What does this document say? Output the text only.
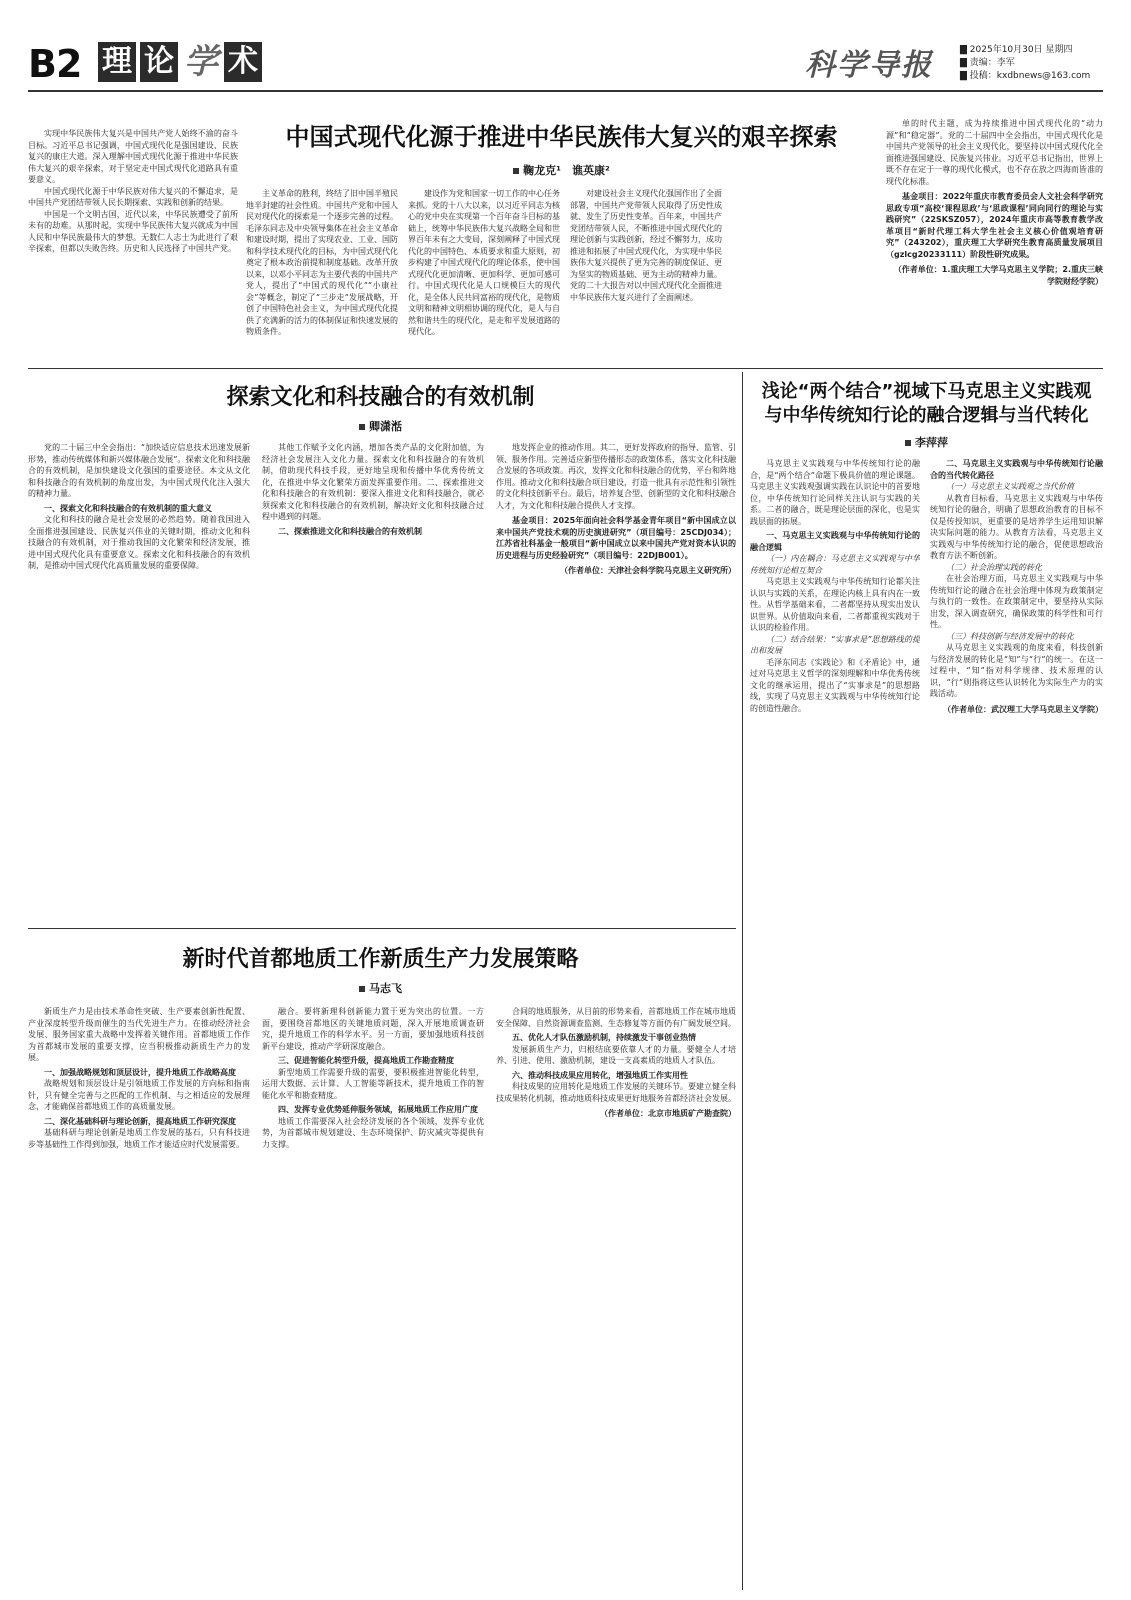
B2 理 论 学 术	科学导报	▇ 2025年10月30日 星期四
▇ 责编：李军
▇ 投稿：kxdbnews@163.com

实现中华民族伟大复兴是中国共产党人始终不渝的奋斗目标。习近平总书记强调，中国式现代化是强国建设、民族复兴的康庄大道。深入理解中国式现代化源于推进中华民族伟大复兴的艰辛探索，对于坚定走中国式现代化道路具有重要意义。

中国式现代化源于中华民族对伟大复兴的不懈追求，是中国共产党团结带领人民长期探索、实践和创新的结果。

中国是一个文明古国，近代以来，中华民族遭受了前所未有的劫难。从那时起，实现中华民族伟大复兴就成为中国人民和中华民族最伟大的梦想。无数仁人志士为此进行了艰辛探索，但都以失败告终。历史和人民选择了中国共产党。

中国式现代化源于推进中华民族伟大复兴的艰辛探索
鞠龙克¹　谯英康²

主义革命的胜利，终结了旧中国半殖民地半封建的社会性质。中国共产党和中国人民对现代化的探索是一个逐步完善的过程。毛泽东同志及中央领导集体在社会主义革命和建设时期，提出了实现农业、工业、国防和科学技术现代化的目标，为中国式现代化奠定了根本政治前提和制度基础。改革开放以来，以邓小平同志为主要代表的中国共产党人，提出了“中国式的现代化”“小康社会”等概念，制定了“三步走”发展战略，开创了中国特色社会主义，为中国式现代化提供了充满新的活力的体制保证和快速发展的物质条件。

建设作为党和国家一切工作的中心任务来抓。党的十八大以来，以习近平同志为核心的党中央在实现第一个百年奋斗目标的基础上，统筹中华民族伟大复兴战略全局和世界百年未有之大变局，深刻阐释了中国式现代化的中国特色、本质要求和重大原则，初步构建了中国式现代化的理论体系，使中国式现代化更加清晰、更加科学、更加可感可行。中国式现代化是人口规模巨大的现代化，是全体人民共同富裕的现代化，是物质文明和精神文明相协调的现代化，是人与自然和谐共生的现代化，是走和平发展道路的现代化。

对建设社会主义现代化强国作出了全面部署，中国共产党带领人民取得了历史性成就、发生了历史性变革。百年来，中国共产党团结带领人民，不断推进中国式现代化的理论创新与实践创新，经过不懈努力，成功推进和拓展了中国式现代化，为实现中华民族伟大复兴提供了更为完善的制度保证、更为坚实的物质基础、更为主动的精神力量。党的二十大报告对以中国式现代化全面推进中华民族伟大复兴进行了全面阐述。

单的时代主题，成为持续推进中国式现代化的“动力源”和“稳定器”。党的二十届四中全会指出，中国式现代化是中国共产党领导的社会主义现代化，要坚持以中国式现代化全面推进强国建设、民族复兴伟业。习近平总书记指出，世界上既不存在定于一尊的现代化模式，也不存在放之四海而皆准的现代化标准。

基金项目：2022年重庆市教育委员会人文社会科学研究思政专项“高校‘课程思政’与‘思政课程’同向同行的理论与实践研究”（22SKSZ057），2024年重庆市高等教育教学改革项目“新时代理工科大学生社会主义核心价值观培育研究”（243202），重庆理工大学研究生教育高质量发展项目（gzlcg20233111）阶段性研究成果。

（作者单位：1.重庆理工大学马克思主义学院；2.重庆三峡学院财经学院）

探索文化和科技融合的有效机制
卿潇湉

党的二十届三中全会指出：“加快适应信息技术迅速发展新形势，推动传统媒体和新兴媒体融合发展”。探索文化和科技融合的有效机制，是加快建设文化强国的重要途径。本文从文化和科技融合的有效机制的角度出发，为中国式现代化注入强大的精神力量。

一、探索文化和科技融合的有效机制的重大意义

文化和科技的融合是社会发展的必然趋势。随着我国进入全面推进强国建设、民族复兴伟业的关键时期，推动文化和科技融合的有效机制，对于推动我国的文化繁荣和经济发展，推进中国式现代化具有重要意义。探索文化和科技融合的有效机制，是推动中国式现代化高质量发展的重要保障。

其他工作赋予文化内涵，增加各类产品的文化附加值，为经济社会发展注入文化力量。探索文化和科技融合的有效机制，借助现代科技手段，更好地呈现和传播中华优秀传统文化，在推进中华文化繁荣方面发挥重要作用。二、探索推进文化和科技融合的有效机制：要深入推进文化和科技融合，就必须探索文化和科技融合的有效机制，解决好文化和科技融合过程中遇到的问题。

二、探索推进文化和科技融合的有效机制

地发挥企业的推动作用。其二，更好发挥政府的指导、监管、引领、服务作用。完善适应新型传播形态的政策体系，落实文化科技融合发展的各项政策。再次，发挥文化和科技融合的优势，平台和阵地作用。推动文化和科技融合项目建设，打造一批具有示范性和引领性的文化科技创新平台。最后，培养复合型、创新型的文化和科技融合人才，为文化和科技融合提供人才支撑。

基金项目：2025年面向社会科学基金青年项目“新中国成立以来中国共产党技术观的历史演进研究”（项目编号：25CDJ034）；江苏省社科基金一般项目“新中国成立以来中国共产党对资本认识的历史进程与历史经验研究”（项目编号：22DJB001）。

（作者单位：天津社会科学院马克思主义研究所）

新时代首都地质工作新质生产力发展策略
马志飞

新质生产力是由技术革命性突破、生产要素创新性配置、产业深度转型升级而催生的当代先进生产力。在推动经济社会发展、服务国家重大战略中发挥着关键作用。首都地质工作作为首都城市发展的重要支撑，应当积极推动新质生产力的发展。

一、加强战略规划和顶层设计，提升地质工作战略高度

战略规划和顶层设计是引领地质工作发展的方向标和指南针，只有健全完善与之匹配的工作机制、与之相适应的发展理念，才能确保首都地质工作的高质量发展。

二、深化基础科研与理论创新，提高地质工作研究深度

基础科研与理论创新是地质工作发展的基石，只有科技进步等基础性工作得到加强，地质工作才能适应时代发展需要。

融合。要将新理科创新能力置于更为突出的位置。一方面，要围绕首都地区的关键地质问题，深入开展地质调查研究，提升地质工作的科学水平。另一方面，要加强地质科技创新平台建设，推动产学研深度融合。

三、促进智能化转型升级，提高地质工作勘查精度

新型地质工作需要升级的需要，要积极推进智能化转型，运用大数据、云计算、人工智能等新技术，提升地质工作的智能化水平和勘查精度。

四、发挥专业优势延伸服务领域，拓展地质工作应用广度

地质工作需要深入社会经济发展的各个领域，发挥专业优势，为首都城市规划建设、生态环境保护、防灾减灾等提供有力支撑。

合间的地质服务，从目前的形势来看，首都地质工作在城市地质安全保障、自然资源调查监测、生态修复等方面仍有广阔发展空间。

五、优化人才队伍激励机制，持续激发干事创业热情

发展新质生产力，归根结底要依靠人才的力量。要健全人才培养、引进、使用、激励机制，建设一支高素质的地质人才队伍。

六、推动科技成果应用转化，增强地质工作实用性

科技成果的应用转化是地质工作发展的关键环节。要建立健全科技成果转化机制，推动地质科技成果更好地服务首都经济社会发展。

（作者单位：北京市地质矿产勘查院）

浅论“两个结合”视域下马克思主义实践观
与中华传统知行论的融合逻辑与当代转化
李萍萍

马克思主义实践观与中华传统知行论的融合，是“两个结合”命题下极具价值的理论课题。马克思主义实践观强调实践在认识论中的首要地位，中华传统知行论同样关注认识与实践的关系。二者的融合，既是理论层面的深化，也是实践层面的拓展。

一、马克思主义实践观与中华传统知行论的融合逻辑

（一）内在耦合：马克思主义实践观与中华传统知行论相互契合

马克思主义实践观与中华传统知行论都关注认识与实践的关系，在理论内核上具有内在一致性。从哲学基础来看，二者都坚持从现实出发认识世界。从价值取向来看，二者都重视实践对于认识的检验作用。

（二）结合结果：“实事求是”思想路线的提出和发展

毛泽东同志《实践论》和《矛盾论》中，通过对马克思主义哲学的深刻理解和中华优秀传统文化的继承运用，提出了“实事求是”的思想路线，实现了马克思主义实践观与中华传统知行论的创造性融合。

二、马克思主义实践观与中华传统知行论融合的当代转化路径

（一）马克思主义实践观之当代价值

从教育目标看，马克思主义实践观与中华传统知行论的融合，明确了思想政治教育的目标不仅是传授知识，更重要的是培养学生运用知识解决实际问题的能力。从教育方法看，马克思主义实践观与中华传统知行论的融合，促使思想政治教育方法不断创新。

（二）社会治理实践的转化

在社会治理方面，马克思主义实践观与中华传统知行论的融合在社会治理中体现为政策制定与执行的一致性。在政策制定中，要坚持从实际出发，深入调查研究，确保政策的科学性和可行性。

（三）科技创新与经济发展中的转化

从马克思主义实践观的角度来看，科技创新与经济发展的转化是“知”与“行”的统一。在这一过程中，“知”指对科学规律、技术原理的认识，“行”则指将这些认识转化为实际生产力的实践活动。

（作者单位：武汉理工大学马克思主义学院）
